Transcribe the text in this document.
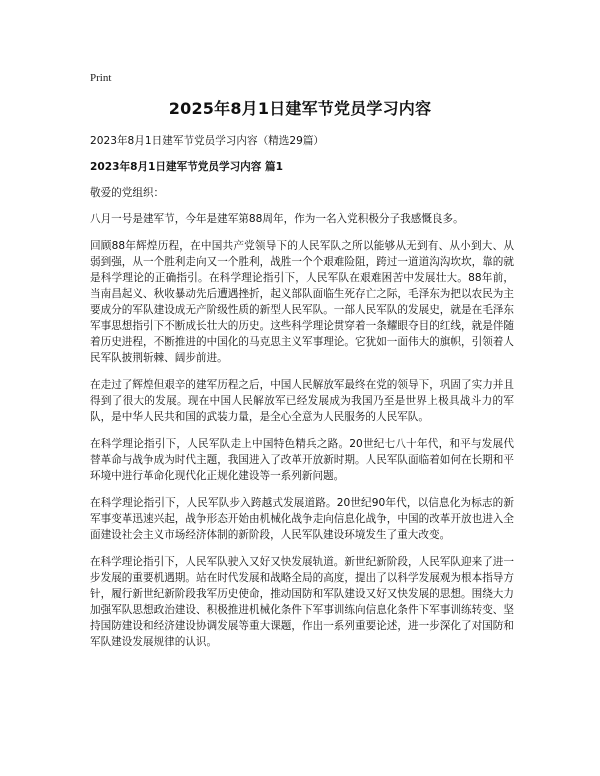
Print
2025年8月1日建军节党员学习内容

2023年8月1日建军节党员学习内容（精选29篇）

2023年8月1日建军节党员学习内容 篇1

敬爱的党组织：

八月一号是建军节，今年是建军第88周年，作为一名入党积极分子我感慨良多。

回顾88年辉煌历程，在中国共产党领导下的人民军队之所以能够从无到有、从小到大、从弱到强，从一个胜利走向又一个胜利，战胜一个个艰难险阻，跨过一道道沟沟坎坎，靠的就是科学理论的正确指引。在科学理论指引下，人民军队在艰难困苦中发展壮大。88年前，当南昌起义、秋收暴动先后遭遇挫折，起义部队面临生死存亡之际，毛泽东为把以农民为主要成分的军队建设成无产阶级性质的新型人民军队。一部人民军队的发展史，就是在毛泽东军事思想指引下不断成长壮大的历史。这些科学理论贯穿着一条耀眼夺目的红线，就是伴随着历史进程，不断推进的中国化的马克思主义军事理论。它犹如一面伟大的旗帜，引领着人民军队披荆斩棘、阔步前进。

在走过了辉煌但艰辛的建军历程之后，中国人民解放军最终在党的领导下，巩固了实力并且得到了很大的发展。现在中国人民解放军已经发展成为我国乃至是世界上极具战斗力的军队，是中华人民共和国的武装力量，是全心全意为人民服务的人民军队。

在科学理论指引下，人民军队走上中国特色精兵之路。20世纪七八十年代，和平与发展代替革命与战争成为时代主题，我国进入了改革开放新时期。人民军队面临着如何在长期和平环境中进行革命化现代化正规化建设等一系列新问题。

在科学理论指引下，人民军队步入跨越式发展道路。20世纪90年代，以信息化为标志的新军事变革迅速兴起，战争形态开始由机械化战争走向信息化战争，中国的改革开放也进入全面建设社会主义市场经济体制的新阶段，人民军队建设环境发生了重大改变。

在科学理论指引下，人民军队驶入又好又快发展轨道。新世纪新阶段，人民军队迎来了进一步发展的重要机遇期。站在时代发展和战略全局的高度，提出了以科学发展观为根本指导方针，履行新世纪新阶段我军历史使命，推动国防和军队建设又好又快发展的思想。围绕大力加强军队思想政治建设、积极推进机械化条件下军事训练向信息化条件下军事训练转变、坚持国防建设和经济建设协调发展等重大课题，作出一系列重要论述，进一步深化了对国防和军队建设发展规律的认识。
